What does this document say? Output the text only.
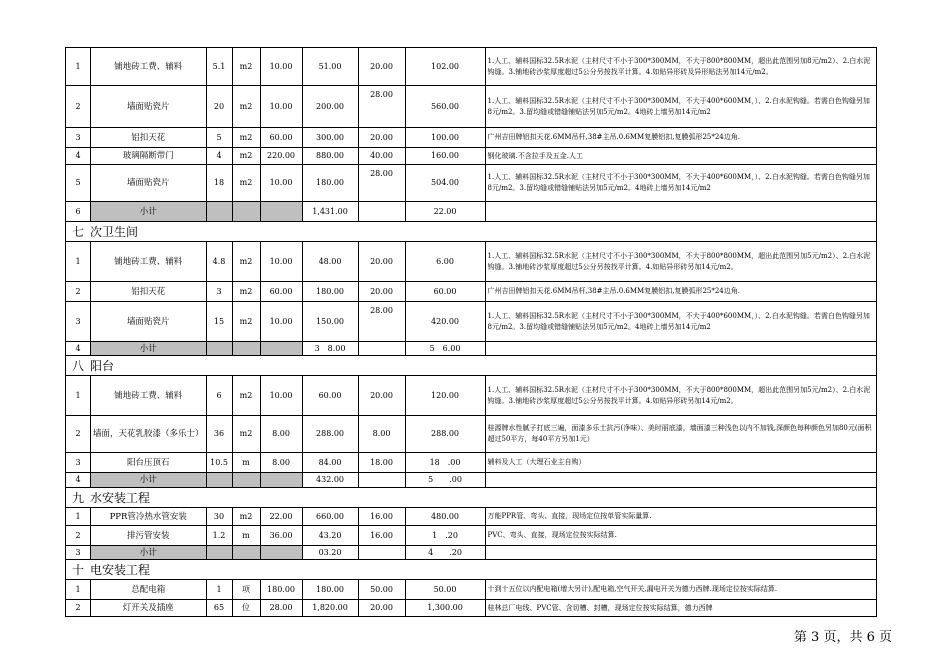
1	铺地砖工费、辅料	5.1	m2	10.00	51.00	20.00	102.00	1.人工、辅料国标32.5R水泥（主材尺寸不小于300*300MM，不大于800*800MM，超出此范围另加8元/m2）、2.白水泥钩缝。3.铺地砖沙浆厚度超过5公分另按找平计算。4.如贴异形砖及异形贴法另加14元/m2。
2	墙面贴瓷片	20	m2	10.00	200.00	28.00	560.00	1.人工、辅料国标32.5R水泥（主材尺寸不小于300*300MM，不大于400*600MM，）、2.白水泥钩缝。若需白色钩缝另加8元/m2。3.留均缝或错缝铺贴法另加5元/m2。4地砖上墙另加14元/m2
3	铝扣天花	5	m2	60.00	300.00	20.00	100.00	广州吉田牌铝扣天花.6MM吊杆,38#主吊.0.6MM复膜铝扣,复膜弧形25*24边角.
4	玻璃隔断带门	4	m2	220.00	880.00	40.00	160.00	钢化玻璃.不含拉手及五金.人工
5	墙面贴瓷片	18	m2	10.00	180.00	28.00	504.00	1.人工、辅料国标32.5R水泥（主材尺寸不小于300*300MM，不大于400*600MM，）、2.白水泥钩缝。若需白色钩缝另加8元/m2。3.留均缝或错缝铺贴法另加5元/m2。4地砖上墙另加14元/m2
6	小计				1,431.00		22.00	
七 次卫生间								
1	铺地砖工费、辅料	4.8	m2	10.00	48.00	20.00	6.00	1.人工、辅料国标32.5R水泥（主材尺寸不小于300*300MM，不大于800*800MM，超出此范围另加5元/m2）、2.白水泥钩缝。3.铺地砖沙浆厚度超过5公分另按找平计算。4.如贴异形砖另加14元/m2。
2	铝扣天花	3	m2	60.00	180.00	20.00	60.00	广州吉田牌铝扣天花.6MM吊杆,38#主吊.0.6MM复膜铝扣,复膜弧形25*24边角.
3	墙面贴瓷片	15	m2	10.00	150.00	28.00	420.00	1.人工、辅料国标32.5R水泥（主材尺寸不小于300*300MM，不大于400*600MM，）、2.白水泥钩缝。若需白色钩缝另加8元/m2。3.留均缝或错缝铺贴法另加5元/m2。4地砖上墙另加14元/m2
4	小计				3　8.00		5　6.00	
八 阳台								
1	铺地砖工费、辅料	6	m2	10.00	60.00	20.00	120.00	1.人工、辅料国标32.5R水泥（主材尺寸不小于300*300MM，不大于800*800MM，超出此范围另加5元/m2）、2.白水泥钩缝。3.铺地砖沙浆厚度超过5公分另按找平计算。4.如贴异形砖另加14元/m2。
2	墙面，天花乳胶漆（多乐士）	36	m2	8.00	288.00	8.00	288.00	桂源牌水性腻子打底三遍，面漆多乐士抗污(净味）、美时丽底漆，墙面漆三种浅色以内不加钱,深颜色每种颜色另加80元(面积超过50平方，每40平方另加1元）
3	阳台压顶石	10.5	m	8.00	84.00	18.00	18　.00	辅料及人工（大理石业主自购）
4	小计				432.00		5　　.00	
九 水安装工程								
1	PPR管冷热水管安装	30	m2	22.00	660.00	16.00	480.00	万能PPR管、弯头、直接，现场定位按单管实际量算.
2	排污管安装	1.2	m	36.00	43.20	16.00	1　.20	PVC、弯头、直接，现场定位按实际结算.
3	小计				03.20		4　　.20	
十 电安装工程								
1	总配电箱	1	项	180.00	180.00	50.00	50.00	十到十五位以内配电箱(增大另计),配电箱,空气开关,漏电开关为德力西牌.现场定位按实际结算.
2	灯开关及插座	65	位	28.00	1,820.00	20.00	1,300.00	桂林总厂电线、PVC管、含切槽、封槽，现场定位按实际结算，德力西牌
第 3 页，共 6 页
